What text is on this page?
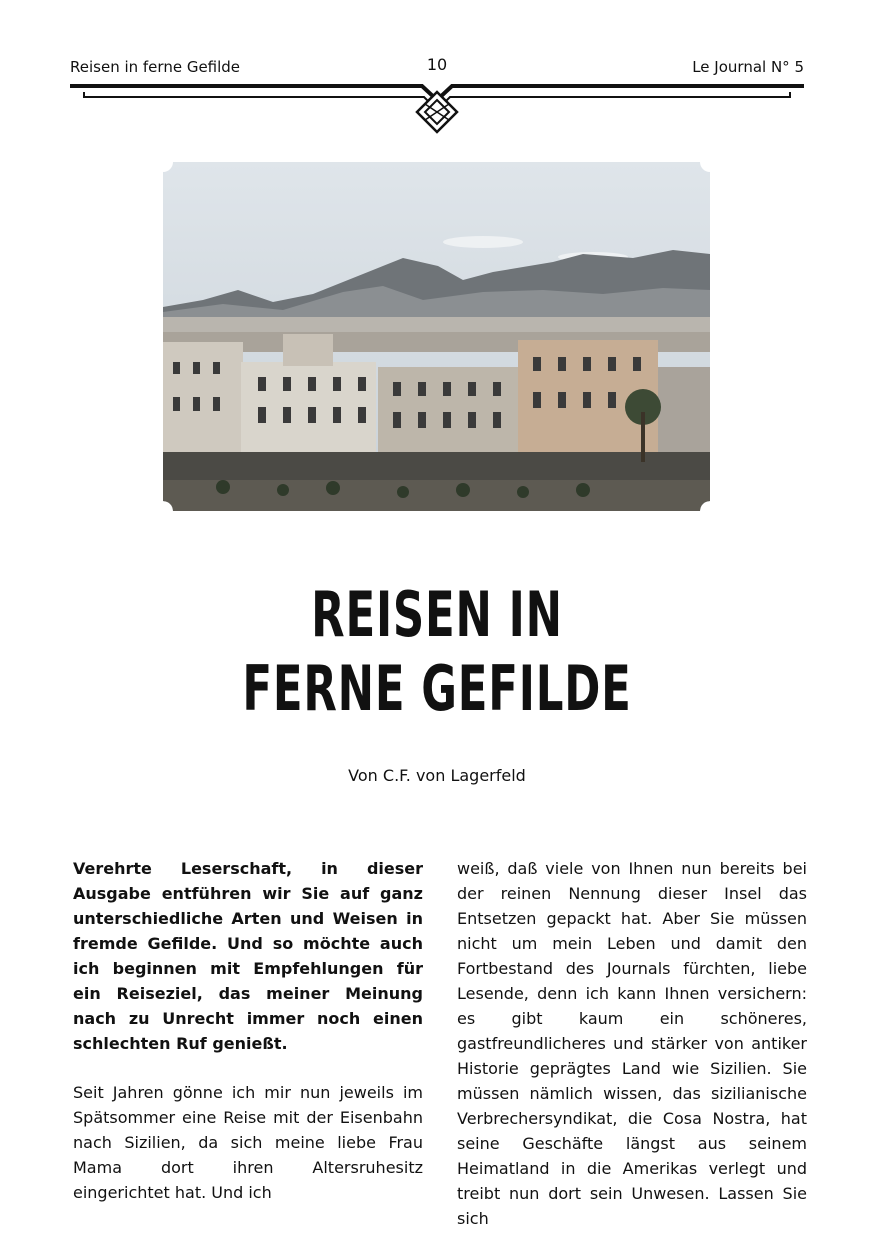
Reisen in ferne Gefilde	10	Le Journal N° 5
REISEN IN
FERNE GEFILDE
Von C.F. von Lagerfeld

Verehrte Leserschaft, in dieser Ausgabe entführen wir Sie auf ganz unterschiedliche Arten und Weisen in fremde Gefilde. Und so möchte auch ich beginnen mit Empfehlungen für ein Reiseziel, das meiner Meinung nach zu Unrecht immer noch einen schlechten Ruf genießt.

Seit Jahren gönne ich mir nun jeweils im Spätsommer eine Reise mit der Eisenbahn nach Sizilien, da sich meine liebe Frau Mama dort ihren Altersruhesitz eingerichtet hat. Und ich

weiß, daß viele von Ihnen nun bereits bei der reinen Nennung dieser Insel das Entsetzen gepackt hat. Aber Sie müssen nicht um mein Leben und damit den Fortbestand des Journals fürchten, liebe Lesende, denn ich kann Ihnen versichern: es gibt kaum ein schöneres, gastfreundlicheres und stärker von antiker Historie geprägtes Land wie Sizilien. Sie müssen nämlich wissen, das sizilianische Verbrechersyndikat, die Cosa Nostra, hat seine Geschäfte längst aus seinem Heimatland in die Amerikas verlegt und treibt nun dort sein Unwesen. Lassen Sie sich
